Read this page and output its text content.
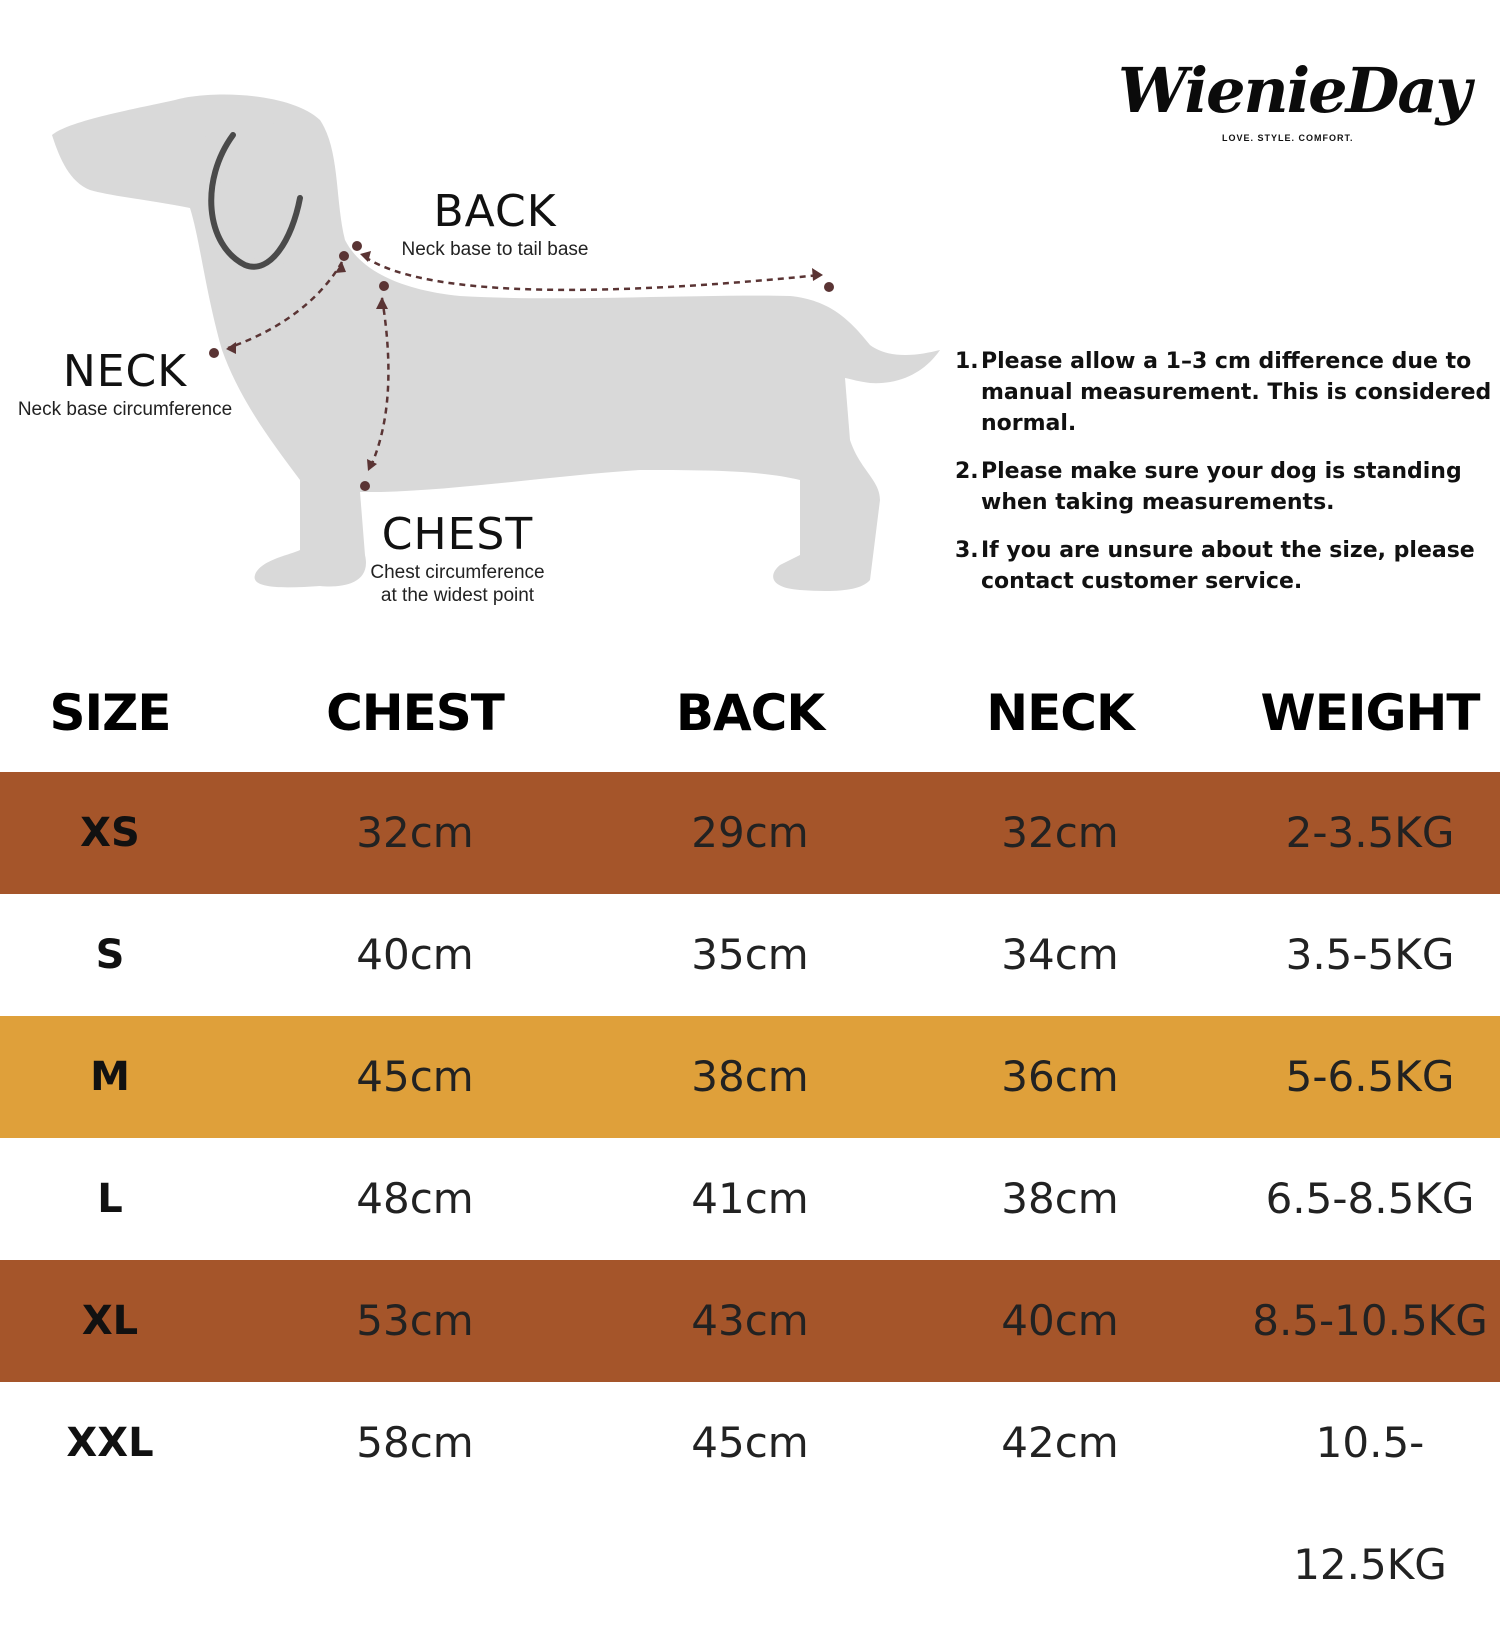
BACK
Neck base to tail base
NECK
Neck base circumference
CHEST
Chest circumference
at the widest point
WienieDay
LOVE. STYLE. COMFORT.
1. Please allow a 1–3 cm difference due to manual measurement. This is considered normal.
2. Please make sure your dog is standing when taking measurements.
3. If you are unsure about the size, please contact customer service.
SIZE	CHEST	BACK	NECK	WEIGHT
XS	32cm	29cm	32cm	2-3.5KG
S	40cm	35cm	34cm	3.5-5KG
M	45cm	38cm	36cm	5-6.5KG
L	48cm	41cm	38cm	6.5-8.5KG
XL	53cm	43cm	40cm	8.5-10.5KG
XXL	58cm	45cm	42cm	10.5-12.5KG
